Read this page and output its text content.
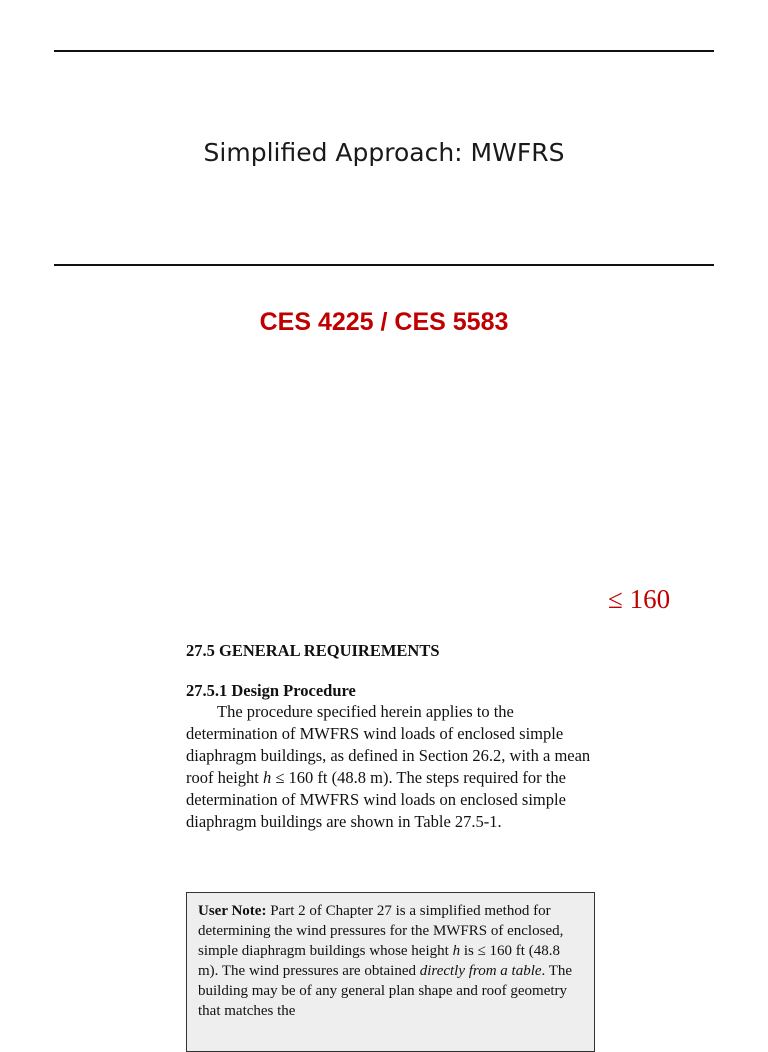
Simplified Approach: MWFRS
CES 4225 / CES 5583
≤ 160

27.5 GENERAL REQUIREMENTS

27.5.1 Design Procedure

The procedure specified herein applies to the determination of MWFRS wind loads of enclosed simple diaphragm buildings, as defined in Section 26.2, with a mean roof height h ≤ 160 ft (48.8 m). The steps required for the determination of MWFRS wind loads on enclosed simple diaphragm buildings are shown in Table 27.5-1.

User Note: Part 2 of Chapter 27 is a simplified method for determining the wind pressures for the MWFRS of enclosed, simple diaphragm buildings whose height h is ≤ 160 ft (48.8 m). The wind pressures are obtained directly from a table. The building may be of any general plan shape and roof geometry that matches the
